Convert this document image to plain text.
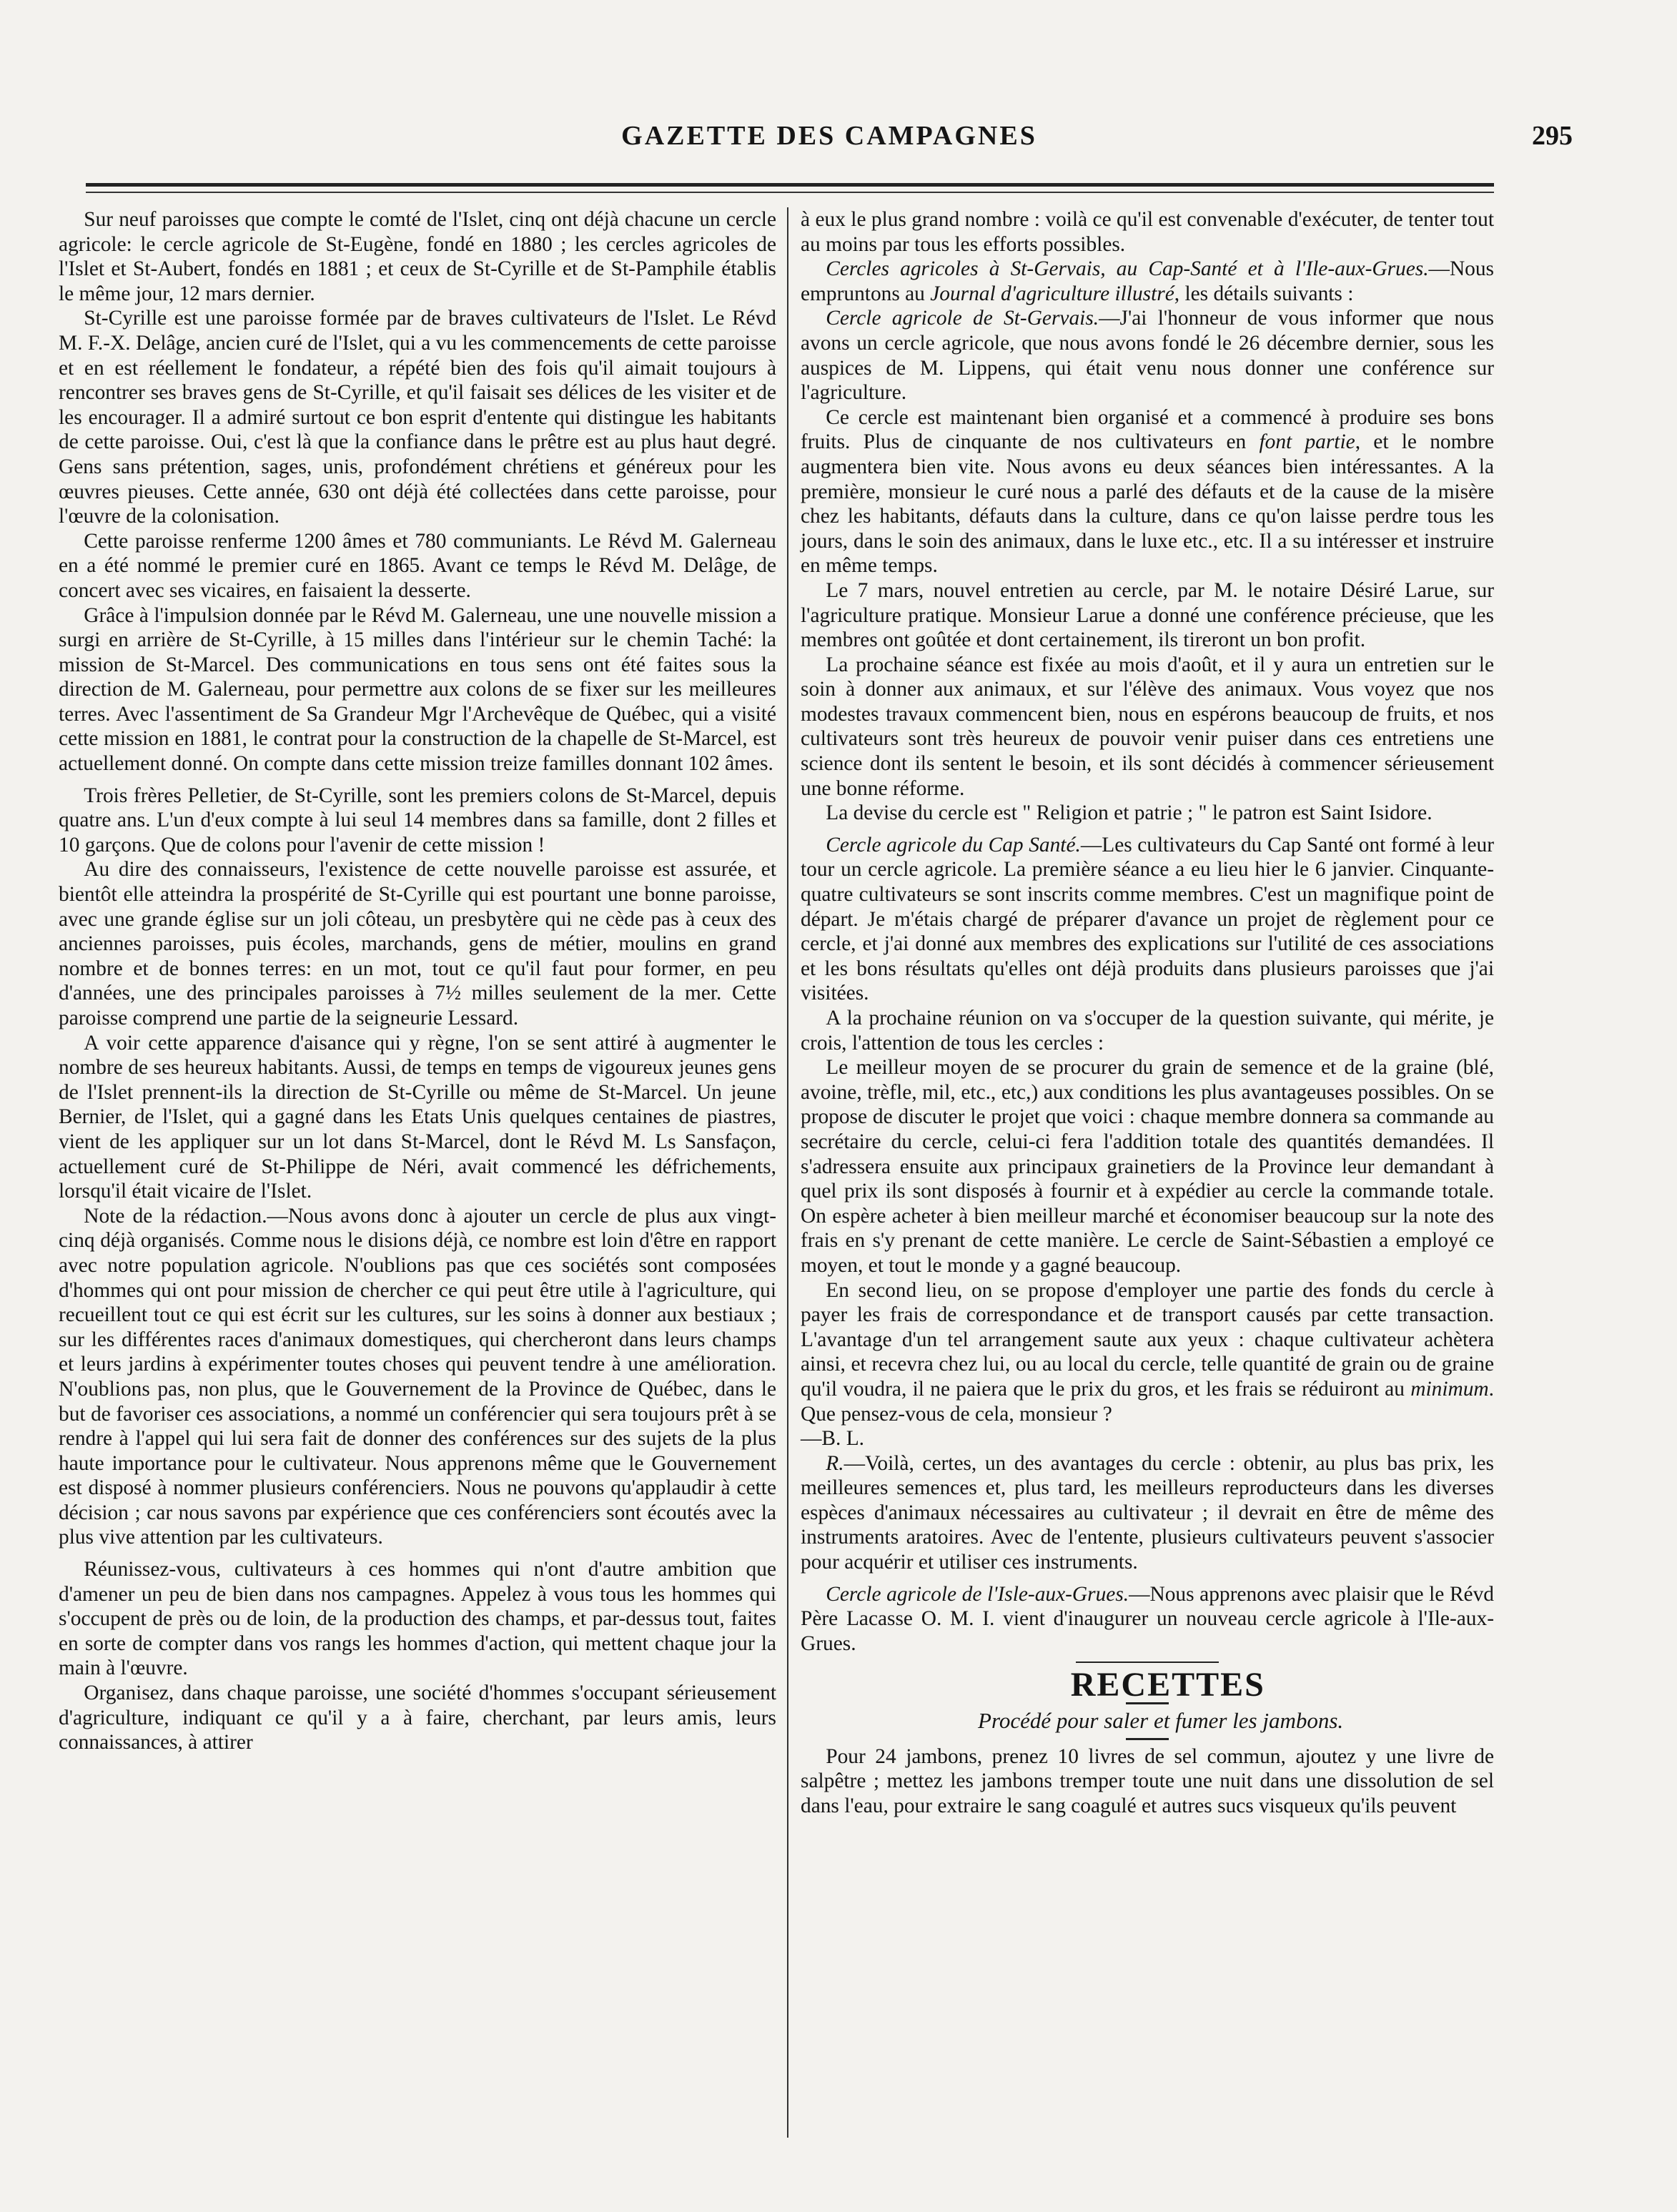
GAZETTE DES CAMPAGNES	295

Sur neuf paroisses que compte le comté de l'Islet, cinq ont déjà chacune un cercle agricole: le cercle agricole de St-Eugène, fondé en 1880 ; les cercles agricoles de l'Islet et St-Aubert, fondés en 1881 ; et ceux de St-Cyrille et de St-Pamphile établis le même jour, 12 mars dernier.

St-Cyrille est une paroisse formée par de braves cultivateurs de l'Islet. Le Révd M. F.-X. Delâge, ancien curé de l'Islet, qui a vu les commencements de cette paroisse et en est réellement le fondateur, a répété bien des fois qu'il aimait toujours à rencontrer ses braves gens de St-Cyrille, et qu'il faisait ses délices de les visiter et de les encourager. Il a admiré surtout ce bon esprit d'entente qui distingue les habitants de cette paroisse. Oui, c'est là que la confiance dans le prêtre est au plus haut degré. Gens sans prétention, sages, unis, profondément chrétiens et généreux pour les œuvres pieuses. Cette année, 630 ont déjà été collectées dans cette paroisse, pour l'œuvre de la colonisation.

Cette paroisse renferme 1200 âmes et 780 communiants. Le Révd M. Galerneau en a été nommé le premier curé en 1865. Avant ce temps le Révd M. Delâge, de concert avec ses vicaires, en faisaient la desserte.

Grâce à l'impulsion donnée par le Révd M. Galerneau, une une nouvelle mission a surgi en arrière de St-Cyrille, à 15 milles dans l'intérieur sur le chemin Taché: la mission de St-Marcel. Des communications en tous sens ont été faites sous la direction de M. Galerneau, pour permettre aux colons de se fixer sur les meilleures terres. Avec l'assentiment de Sa Grandeur Mgr l'Archevêque de Québec, qui a visité cette mission en 1881, le contrat pour la construction de la chapelle de St-Marcel, est actuellement donné. On compte dans cette mission treize familles donnant 102 âmes.

Trois frères Pelletier, de St-Cyrille, sont les premiers colons de St-Marcel, depuis quatre ans. L'un d'eux compte à lui seul 14 membres dans sa famille, dont 2 filles et 10 garçons. Que de colons pour l'avenir de cette mission !

Au dire des connaisseurs, l'existence de cette nouvelle paroisse est assurée, et bientôt elle atteindra la prospérité de St-Cyrille qui est pourtant une bonne paroisse, avec une grande église sur un joli côteau, un presbytère qui ne cède pas à ceux des anciennes paroisses, puis écoles, marchands, gens de métier, moulins en grand nombre et de bonnes terres: en un mot, tout ce qu'il faut pour former, en peu d'années, une des principales paroisses à 7½ milles seulement de la mer. Cette paroisse comprend une partie de la seigneurie Lessard.

A voir cette apparence d'aisance qui y règne, l'on se sent attiré à augmenter le nombre de ses heureux habitants. Aussi, de temps en temps de vigoureux jeunes gens de l'Islet prennent-ils la direction de St-Cyrille ou même de St-Marcel. Un jeune Bernier, de l'Islet, qui a gagné dans les Etats Unis quelques centaines de piastres, vient de les appliquer sur un lot dans St-Marcel, dont le Révd M. Ls Sansfaçon, actuellement curé de St-Philippe de Néri, avait commencé les défrichements, lorsqu'il était vicaire de l'Islet.

Note de la rédaction.—Nous avons donc à ajouter un cercle de plus aux vingt-cinq déjà organisés. Comme nous le disions déjà, ce nombre est loin d'être en rapport avec notre population agricole. N'oublions pas que ces sociétés sont composées d'hommes qui ont pour mission de chercher ce qui peut être utile à l'agriculture, qui recueillent tout ce qui est écrit sur les cultures, sur les soins à donner aux bestiaux ; sur les différentes races d'animaux domestiques, qui chercheront dans leurs champs et leurs jardins à expérimenter toutes choses qui peuvent tendre à une amélioration. N'oublions pas, non plus, que le Gouvernement de la Province de Québec, dans le but de favoriser ces associations, a nommé un conférencier qui sera toujours prêt à se rendre à l'appel qui lui sera fait de donner des conférences sur des sujets de la plus haute importance pour le cultivateur. Nous apprenons même que le Gouvernement est disposé à nommer plusieurs conférenciers. Nous ne pouvons qu'applaudir à cette décision ; car nous savons par expérience que ces conférenciers sont écoutés avec la plus vive attention par les cultivateurs.

Réunissez-vous, cultivateurs à ces hommes qui n'ont d'autre ambition que d'amener un peu de bien dans nos campagnes. Appelez à vous tous les hommes qui s'occupent de près ou de loin, de la production des champs, et par-dessus tout, faites en sorte de compter dans vos rangs les hommes d'action, qui mettent chaque jour la main à l'œuvre.

Organisez, dans chaque paroisse, une société d'hommes s'occupant sérieusement d'agriculture, indiquant ce qu'il y a à faire, cherchant, par leurs amis, leurs connaissances, à attirer

à eux le plus grand nombre : voilà ce qu'il est convenable d'exécuter, de tenter tout au moins par tous les efforts possibles.

Cercles agricoles à St-Gervais, au Cap-Santé et à l'Ile-aux-Grues.—Nous empruntons au Journal d'agriculture illustré, les détails suivants :

Cercle agricole de St-Gervais.—J'ai l'honneur de vous informer que nous avons un cercle agricole, que nous avons fondé le 26 décembre dernier, sous les auspices de M. Lippens, qui était venu nous donner une conférence sur l'agriculture.

Ce cercle est maintenant bien organisé et a commencé à produire ses bons fruits. Plus de cinquante de nos cultivateurs en font partie, et le nombre augmentera bien vite. Nous avons eu deux séances bien intéressantes. A la première, monsieur le curé nous a parlé des défauts et de la cause de la misère chez les habitants, défauts dans la culture, dans ce qu'on laisse perdre tous les jours, dans le soin des animaux, dans le luxe etc., etc. Il a su intéresser et instruire en même temps.

Le 7 mars, nouvel entretien au cercle, par M. le notaire Désiré Larue, sur l'agriculture pratique. Monsieur Larue a donné une conférence précieuse, que les membres ont goûtée et dont certainement, ils tireront un bon profit.

La prochaine séance est fixée au mois d'août, et il y aura un entretien sur le soin à donner aux animaux, et sur l'élève des animaux. Vous voyez que nos modestes travaux commencent bien, nous en espérons beaucoup de fruits, et nos cultivateurs sont très heureux de pouvoir venir puiser dans ces entretiens une science dont ils sentent le besoin, et ils sont décidés à commencer sérieusement une bonne réforme.

La devise du cercle est " Religion et patrie ; " le patron est Saint Isidore.

Cercle agricole du Cap Santé.—Les cultivateurs du Cap Santé ont formé à leur tour un cercle agricole. La première séance a eu lieu hier le 6 janvier. Cinquante-quatre cultivateurs se sont inscrits comme membres. C'est un magnifique point de départ. Je m'étais chargé de préparer d'avance un projet de règlement pour ce cercle, et j'ai donné aux membres des explications sur l'utilité de ces associations et les bons résultats qu'elles ont déjà produits dans plusieurs paroisses que j'ai visitées.

A la prochaine réunion on va s'occuper de la question suivante, qui mérite, je crois, l'attention de tous les cercles :

Le meilleur moyen de se procurer du grain de semence et de la graine (blé, avoine, trèfle, mil, etc., etc,) aux conditions les plus avantageuses possibles. On se propose de discuter le projet que voici : chaque membre donnera sa commande au secrétaire du cercle, celui-ci fera l'addition totale des quantités demandées. Il s'adressera ensuite aux principaux grainetiers de la Province leur demandant à quel prix ils sont disposés à fournir et à expédier au cercle la commande totale. On espère acheter à bien meilleur marché et économiser beaucoup sur la note des frais en s'y prenant de cette manière. Le cercle de Saint-Sébastien a employé ce moyen, et tout le monde y a gagné beaucoup.

En second lieu, on se propose d'employer une partie des fonds du cercle à payer les frais de correspondance et de transport causés par cette transaction. L'avantage d'un tel arrangement saute aux yeux : chaque cultivateur achètera ainsi, et recevra chez lui, ou au local du cercle, telle quantité de grain ou de graine qu'il voudra, il ne paiera que le prix du gros, et les frais se réduiront au minimum. Que pensez-vous de cela, monsieur ?

—B. L.

R.—Voilà, certes, un des avantages du cercle : obtenir, au plus bas prix, les meilleures semences et, plus tard, les meilleurs reproducteurs dans les diverses espèces d'animaux nécessaires au cultivateur ; il devrait en être de même des instruments aratoires. Avec de l'entente, plusieurs cultivateurs peuvent s'associer pour acquérir et utiliser ces instruments.

Cercle agricole de l'Isle-aux-Grues.—Nous apprenons avec plaisir que le Révd Père Lacasse O. M. I. vient d'inaugurer un nouveau cercle agricole à l'Ile-aux-Grues.

RECETTES

Procédé pour saler et fumer les jambons.

Pour 24 jambons, prenez 10 livres de sel commun, ajoutez y une livre de salpêtre ; mettez les jambons tremper toute une nuit dans une dissolution de sel dans l'eau, pour extraire le sang coagulé et autres sucs visqueux qu'ils peuvent
